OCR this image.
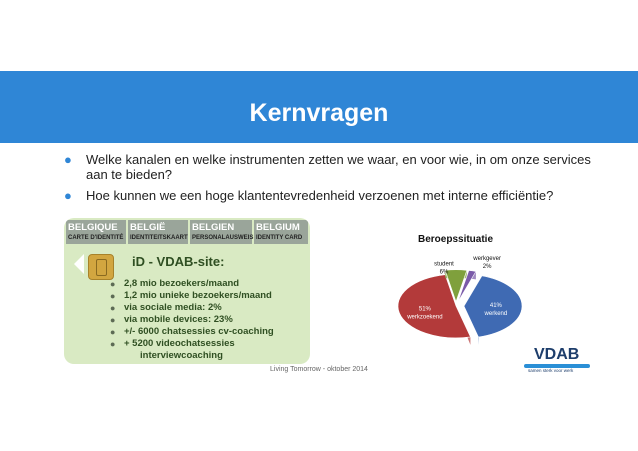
Kernvragen
● Welke kanalen en welke instrumenten zetten we waar, en voor wie, in om onze services aan te bieden?
● Hoe kunnen we een hoge klantentevredenheid verzoenen met interne efficiëntie?
BELGIQUE
CARTE D'IDENTITÉ
BELGIË
IDENTITEITSKAART
BELGIEN
PERSONALAUSWEIS
BELGIUM
IDENTITY CARD
iD - VDAB-site:
● 2,8 mio bezoekers/maand
● 1,2 mio unieke bezoekers/maand
● via sociale media: 2%
● via mobile devices: 23%
● +/- 6000 chatsessies cv-coaching
● + 5200 videochatsessies
interviewcoaching
Living Tomorrow - oktober 2014
Beroepssituatie
41%
werkend
51%
werkzoekend
6%
student	2%
werkgever
VDAB
samen sterk voor werk
